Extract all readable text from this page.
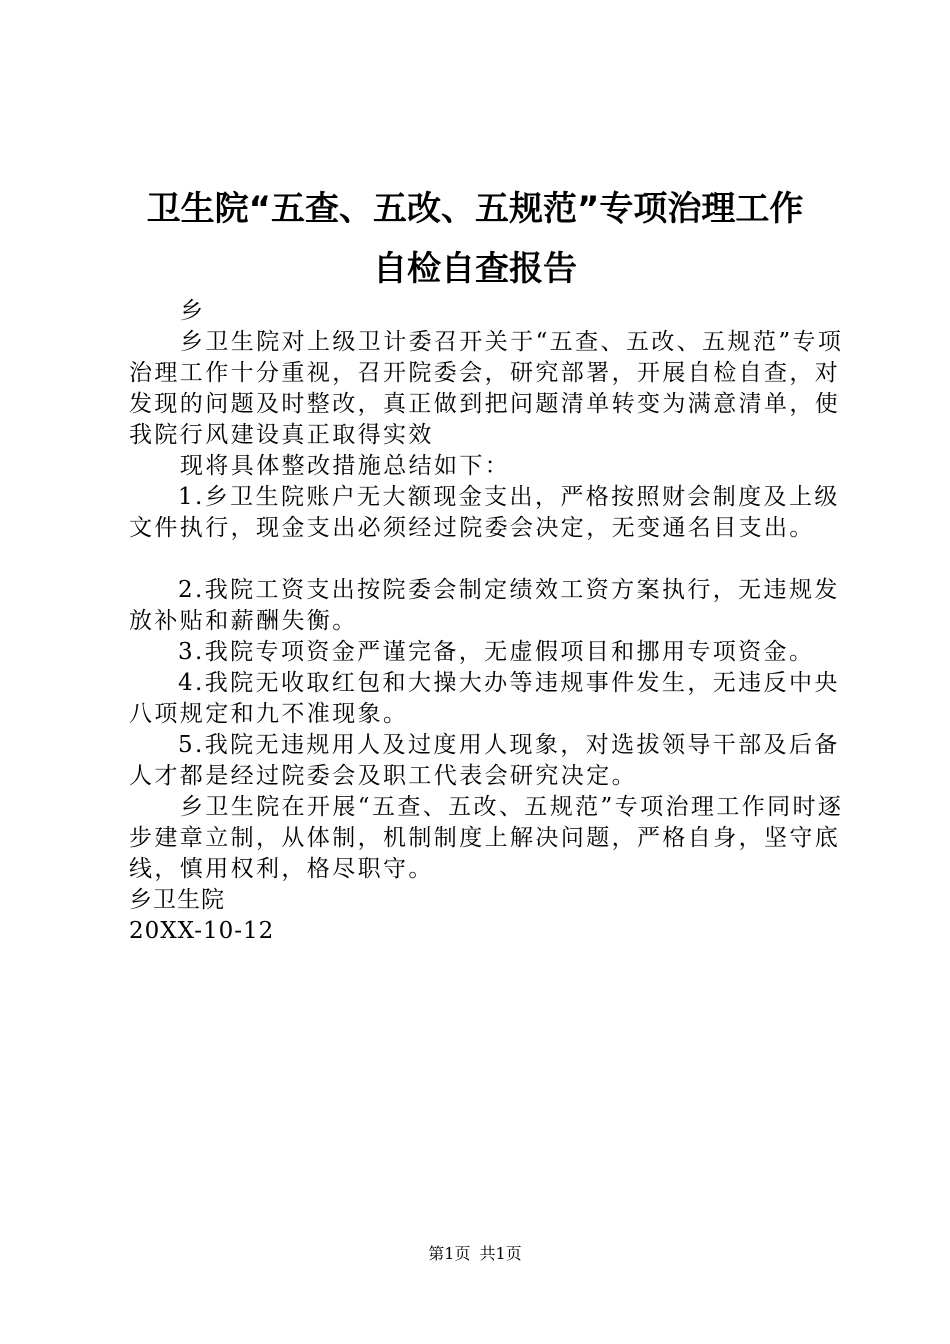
卫生院“五查、五改、五规范”专项治理工作
自检自查报告

乡

乡卫生院对上级卫计委召开关于“五查、五改、五规范”专项治理工作十分重视，召开院委会，研究部署，开展自检自查，对发现的问题及时整改，真正做到把问题清单转变为满意清单，使我院行风建设真正取得实效

现将具体整改措施总结如下：

1.乡卫生院账户无大额现金支出，严格按照财会制度及上级文件执行，现金支出必须经过院委会决定，无变通名目支出。

2.我院工资支出按院委会制定绩效工资方案执行，无违规发放补贴和薪酬失衡。

3.我院专项资金严谨完备，无虚假项目和挪用专项资金。

4.我院无收取红包和大操大办等违规事件发生，无违反中央八项规定和九不准现象。

5.我院无违规用人及过度用人现象，对选拔领导干部及后备人才都是经过院委会及职工代表会研究决定。

乡卫生院在开展“五查、五改、五规范”专项治理工作同时逐步建章立制，从体制，机制制度上解决问题，严格自身，坚守底线，慎用权利，格尽职守。

乡卫生院

20XX-10-12

第1页 共1页
